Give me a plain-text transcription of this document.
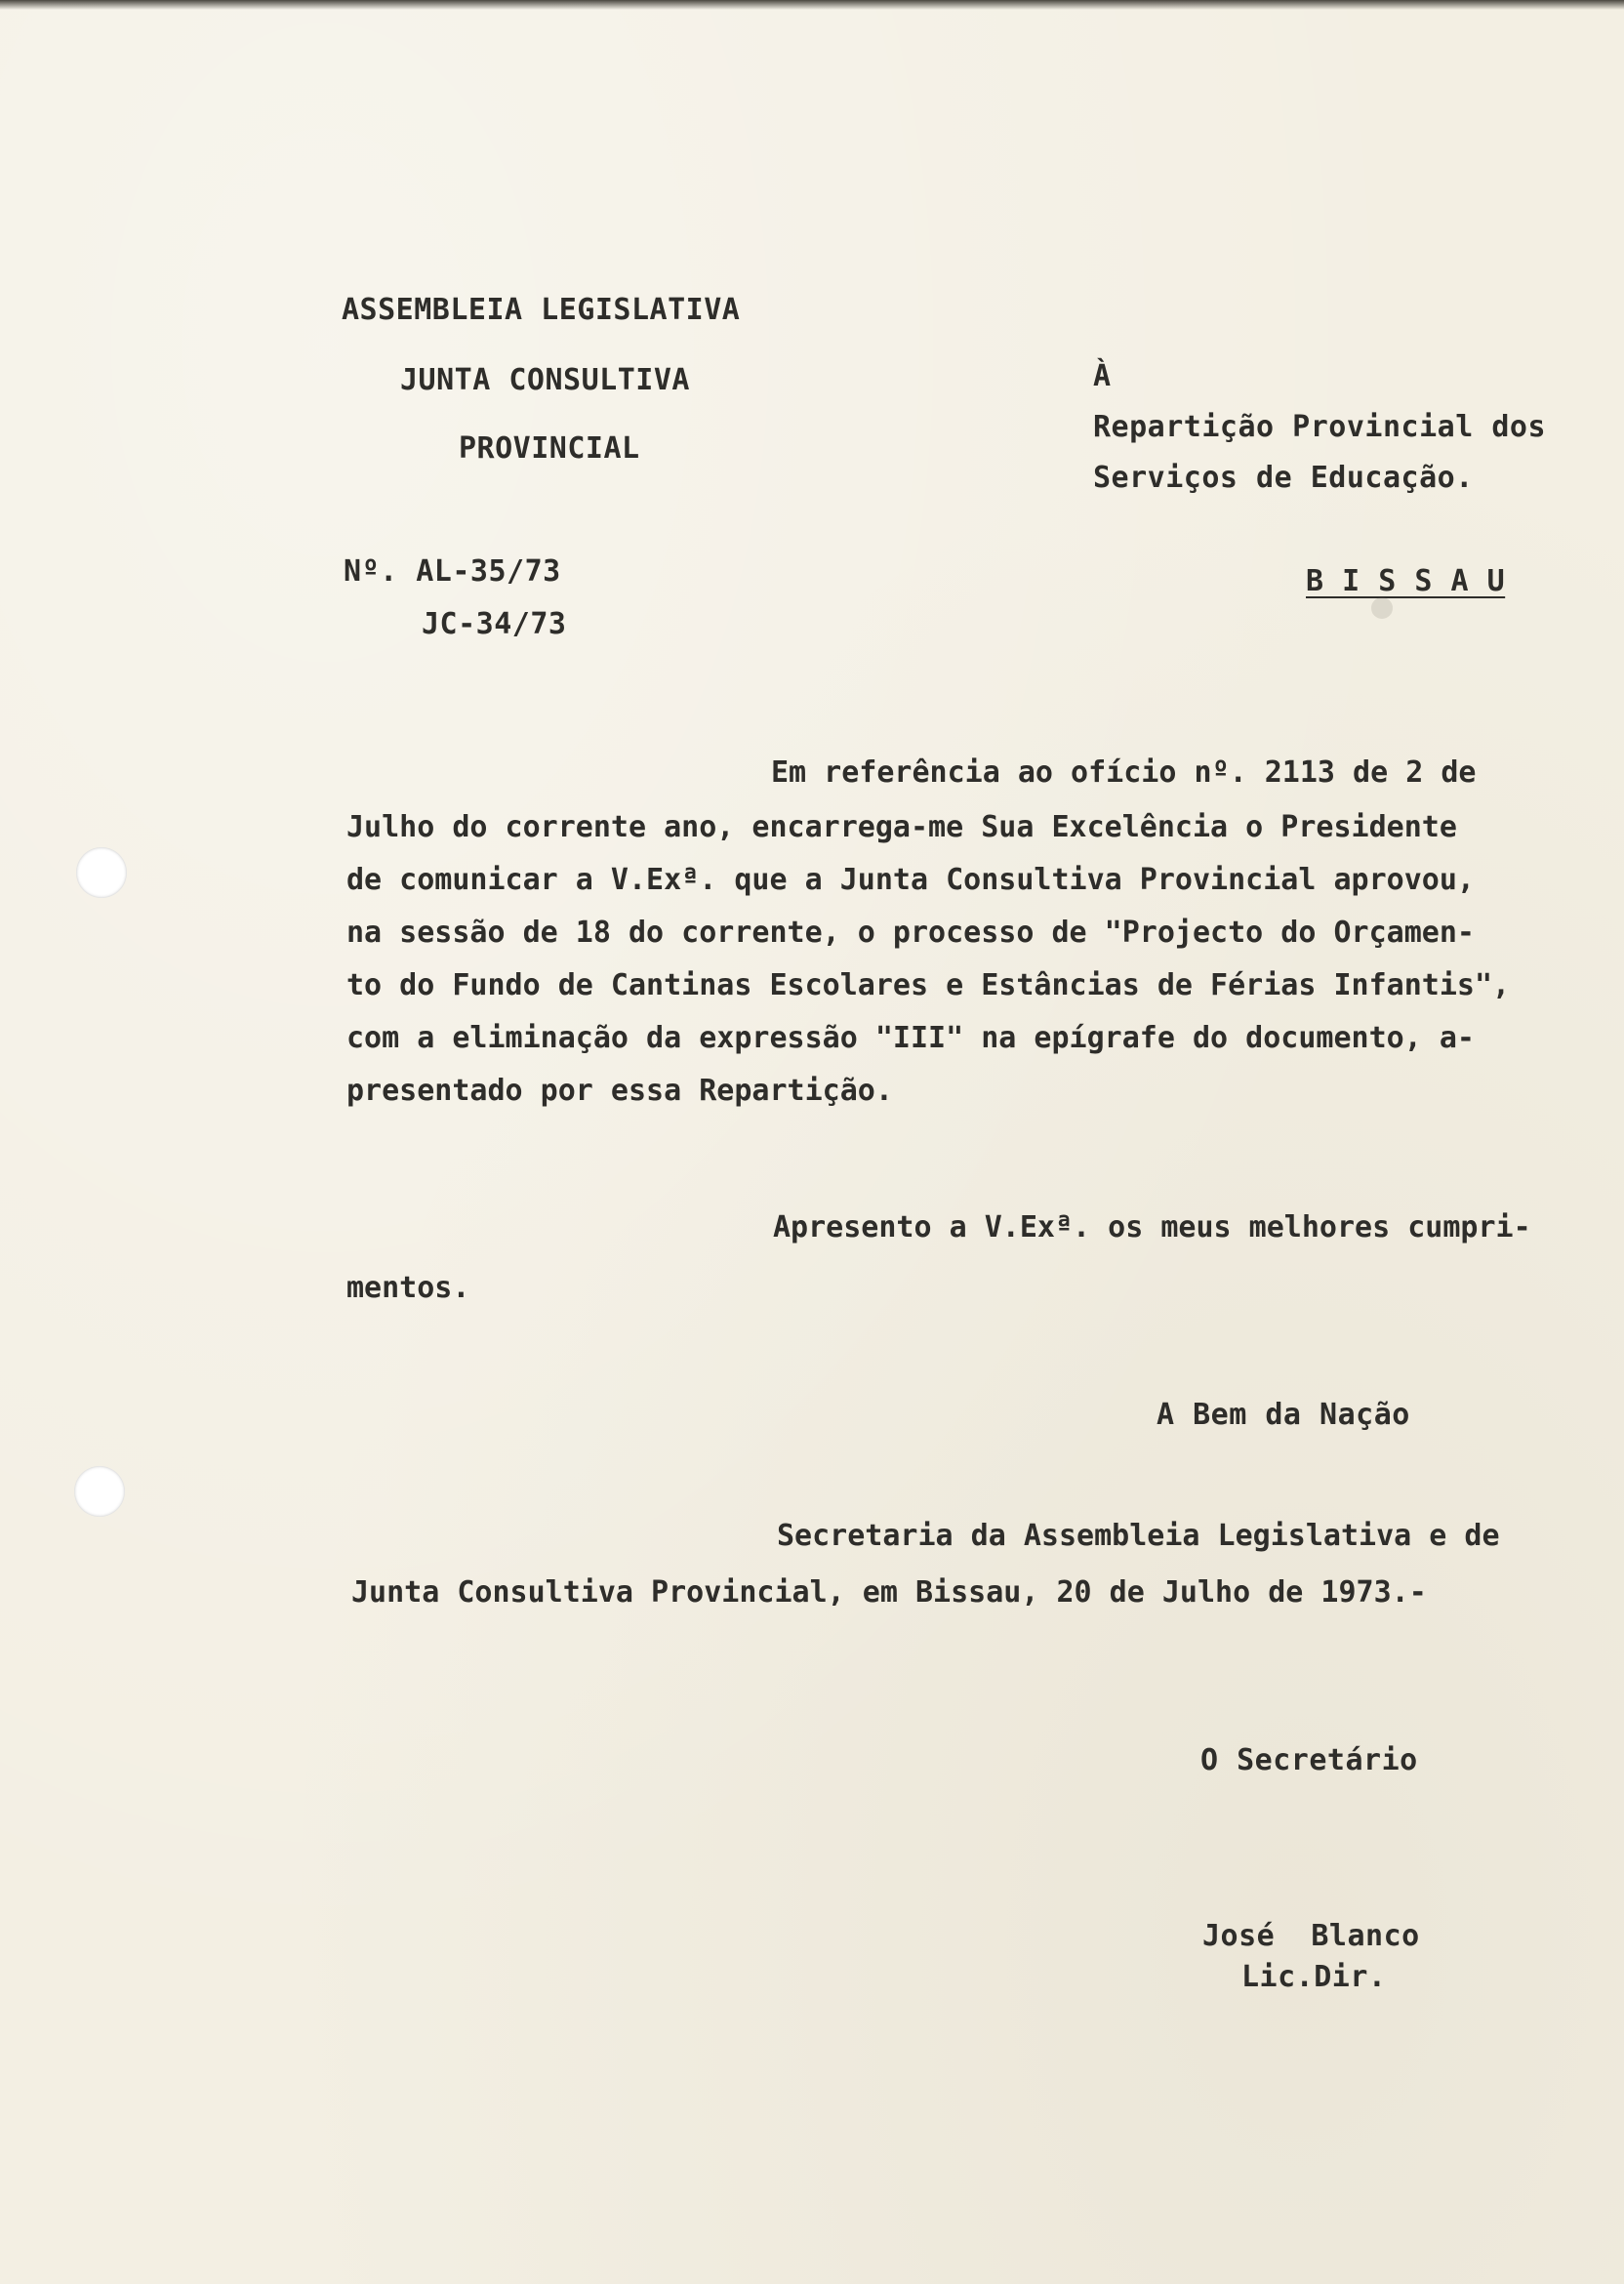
ASSEMBLEIA LEGISLATIVA
JUNTA CONSULTIVA
PROVINCIAL
Nº. AL-35/73
JC-34/73
À
Repartição Provincial dos
Serviços de Educação.
B I S S A U
Em referência ao ofício nº. 2113 de 2 de
Julho do corrente ano, encarrega-me Sua Excelência o Presidente
de comunicar a V.Exª. que a Junta Consultiva Provincial aprovou,
na sessão de 18 do corrente, o processo de "Projecto do Orçamen-
to do Fundo de Cantinas Escolares e Estâncias de Férias Infantis",
com a eliminação da expressão "III" na epígrafe do documento, a-
presentado por essa Repartição.
Apresento a V.Exª. os meus melhores cumpri-
mentos.
A Bem da Nação
Secretaria da Assembleia Legislativa e de
Junta Consultiva Provincial, em Bissau, 20 de Julho de 1973.-
O Secretário
José  Blanco
Lic.Dir.
